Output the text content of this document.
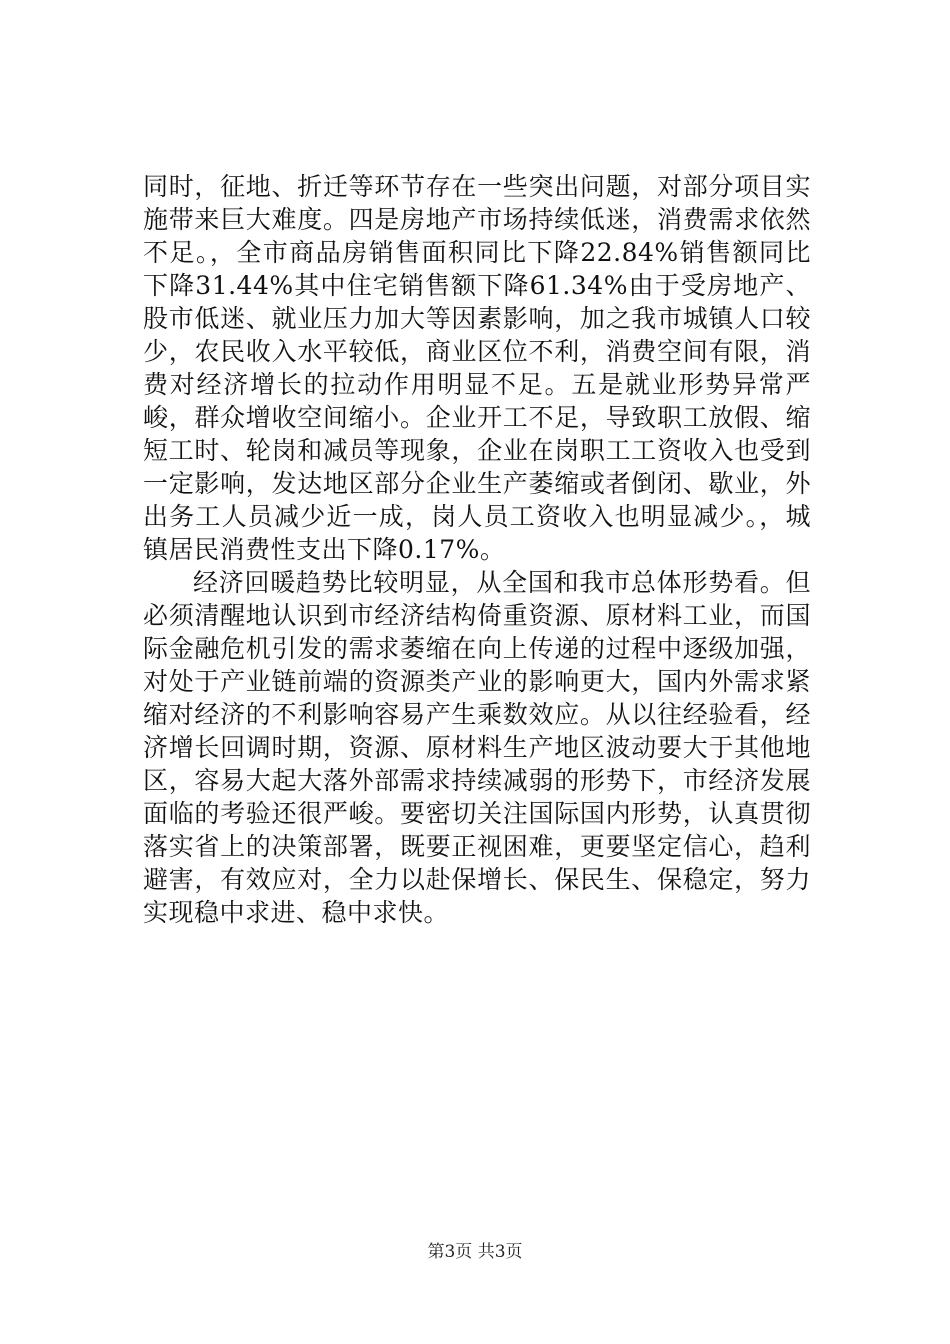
同时，征地、折迁等环节存在一些突出问题，对部分项目实施带来巨大难度。四是房地产市场持续低迷，消费需求依然不足。，全市商品房销售面积同比下降22.84%销售额同比下降31.44%其中住宅销售额下降61.34%由于受房地产、股市低迷、就业压力加大等因素影响，加之我市城镇人口较少，农民收入水平较低，商业区位不利，消费空间有限，消费对经济增长的拉动作用明显不足。五是就业形势异常严峻，群众增收空间缩小。企业开工不足，导致职工放假、缩短工时、轮岗和减员等现象，企业在岗职工工资收入也受到一定影响，发达地区部分企业生产萎缩或者倒闭、歇业，外出务工人员减少近一成，岗人员工资收入也明显减少。，城镇居民消费性支出下降0.17%。

经济回暖趋势比较明显，从全国和我市总体形势看。但必须清醒地认识到市经济结构倚重资源、原材料工业，而国际金融危机引发的需求萎缩在向上传递的过程中逐级加强，对处于产业链前端的资源类产业的影响更大，国内外需求紧缩对经济的不利影响容易产生乘数效应。从以往经验看，经济增长回调时期，资源、原材料生产地区波动要大于其他地区，容易大起大落外部需求持续减弱的形势下，市经济发展面临的考验还很严峻。要密切关注国际国内形势，认真贯彻落实省上的决策部署，既要正视困难，更要坚定信心，趋利避害，有效应对，全力以赴保增长、保民生、保稳定，努力实现稳中求进、稳中求快。

第3页 共3页
